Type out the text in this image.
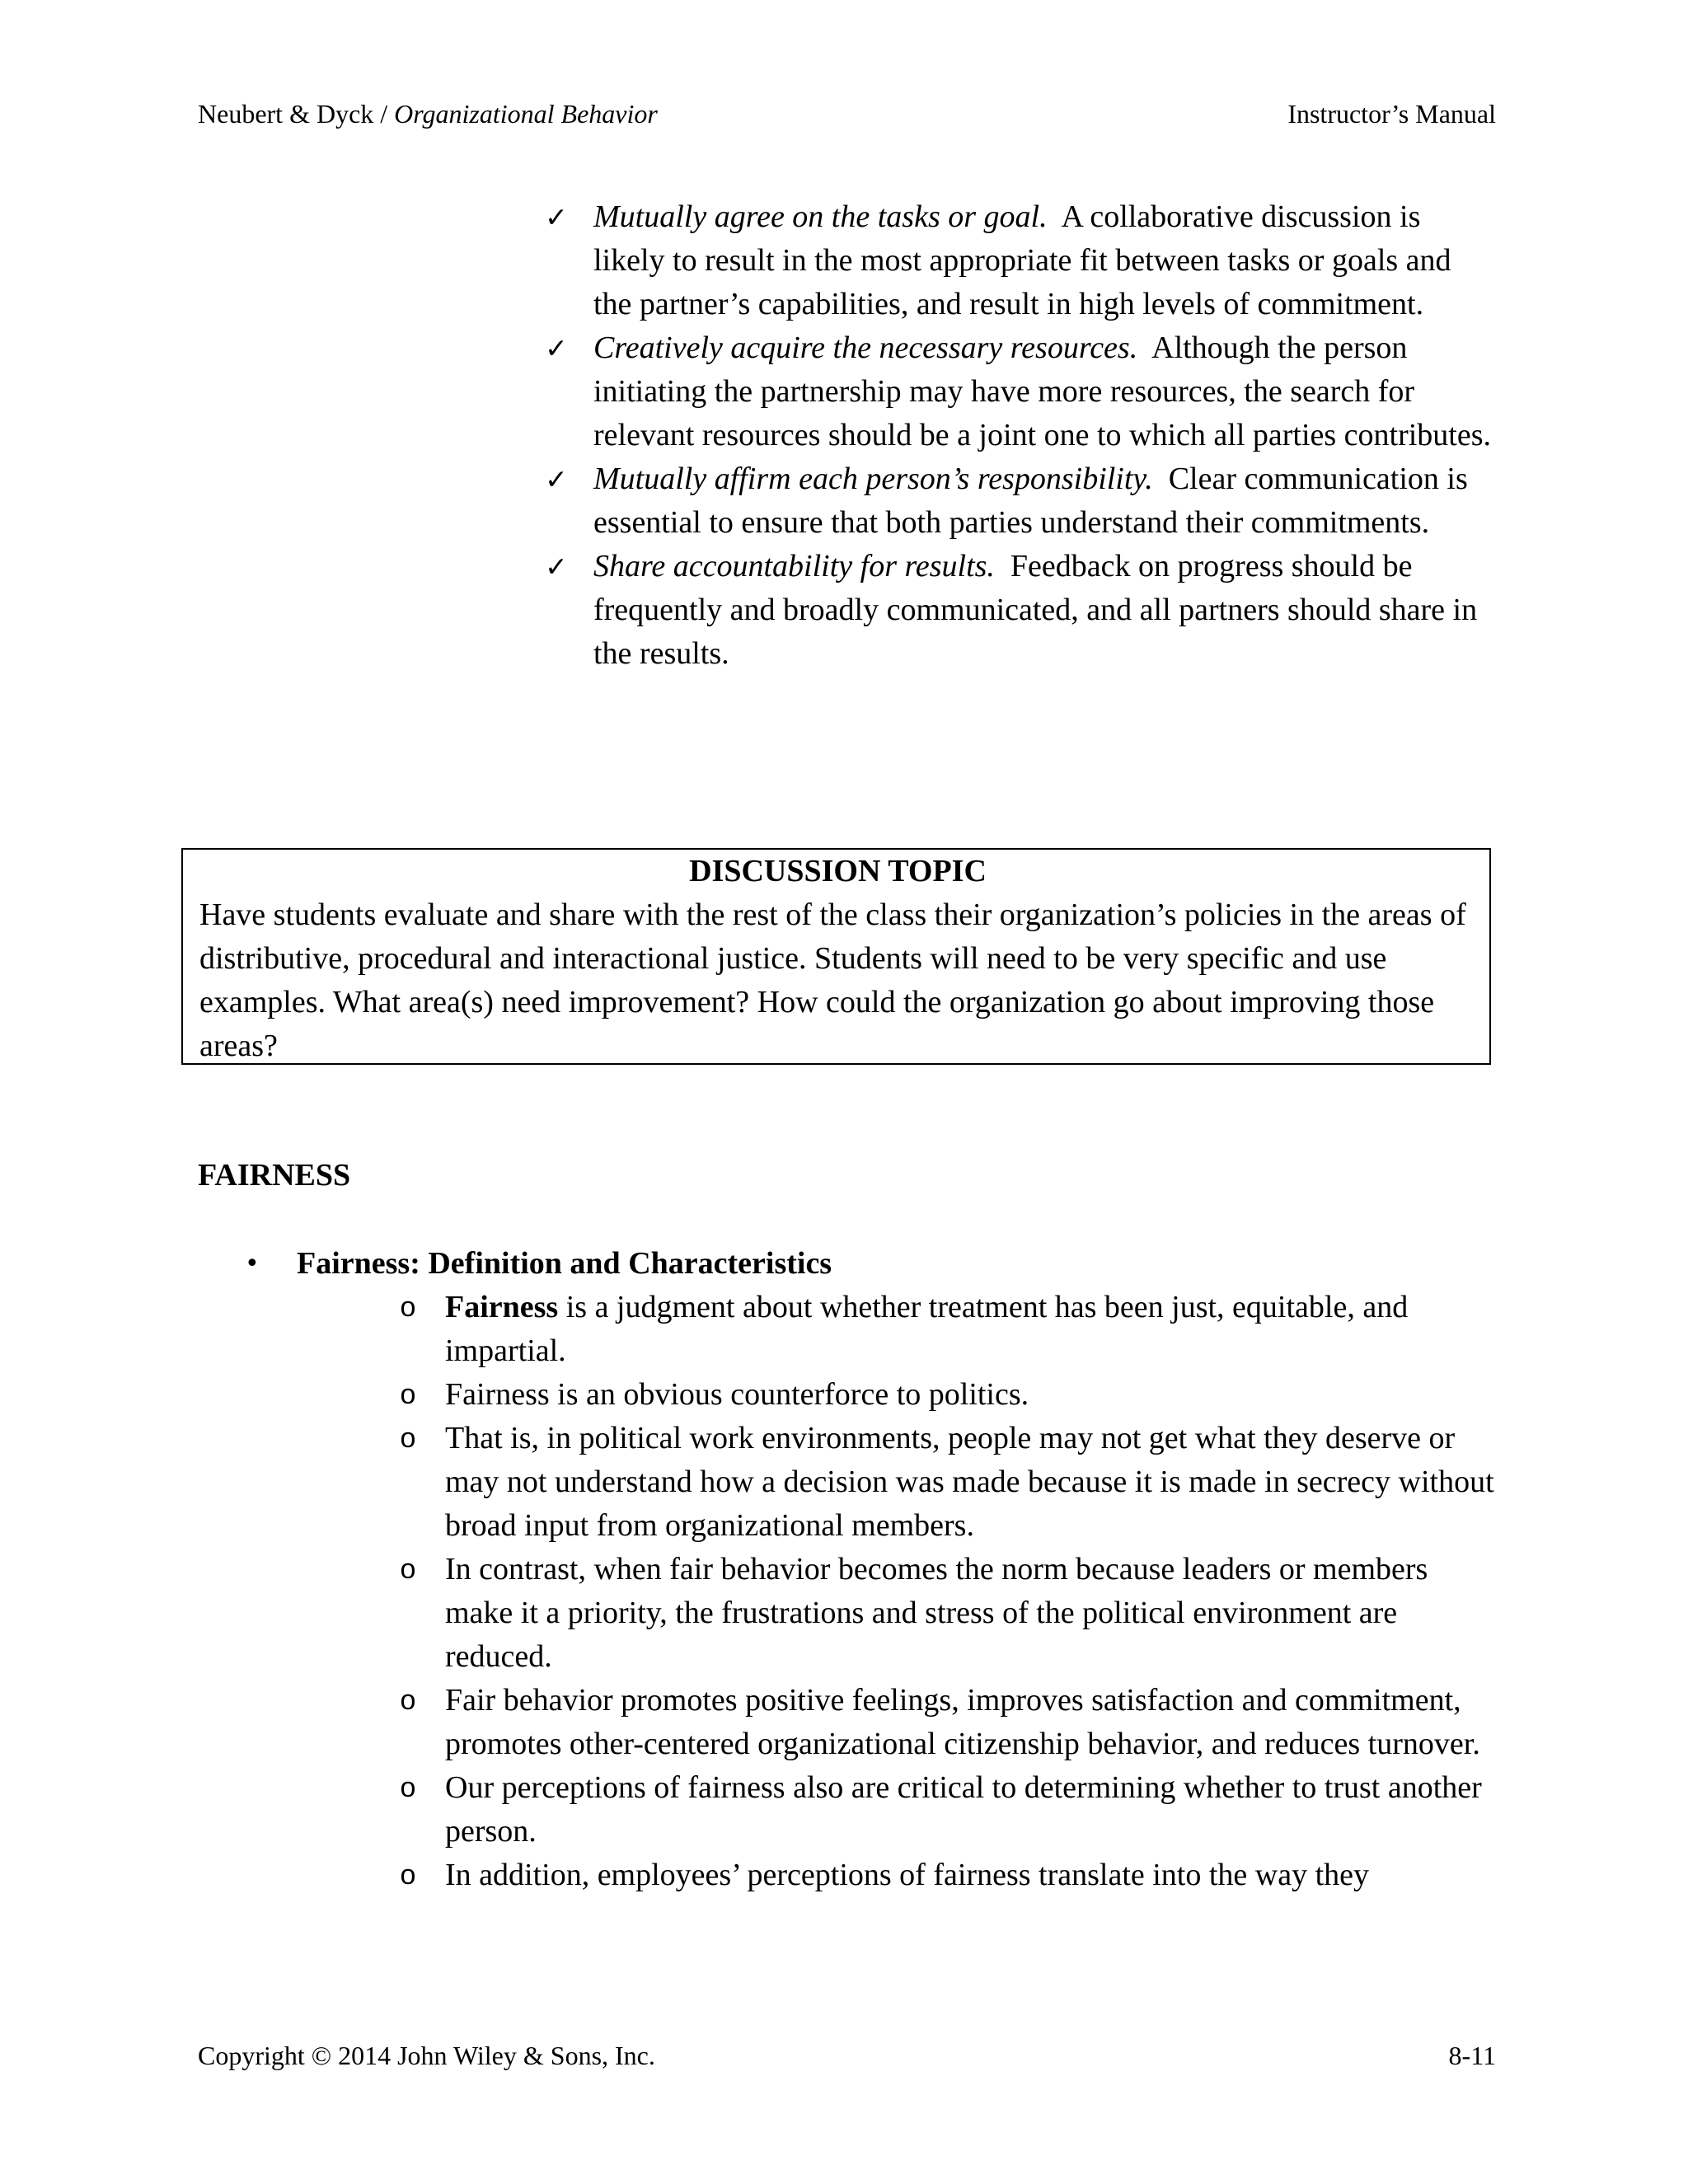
Neubert & Dyck / Organizational Behavior	Instructor’s Manual
✓ Mutually agree on the tasks or goal. A collaborative discussion is likely to result in the most appropriate fit between tasks or goals and the partner’s capabilities, and result in high levels of commitment.
✓ Creatively acquire the necessary resources. Although the person initiating the partnership may have more resources, the search for relevant resources should be a joint one to which all parties contributes.
✓ Mutually affirm each person’s responsibility. Clear communication is essential to ensure that both parties understand their commitments.
✓ Share accountability for results. Feedback on progress should be frequently and broadly communicated, and all partners should share in the results.
DISCUSSION TOPIC
Have students evaluate and share with the rest of the class their organization’s policies in the areas of distributive, procedural and interactional justice. Students will need to be very specific and use examples. What area(s) need improvement? How could the organization go about improving those areas?
FAIRNESS
• Fairness: Definition and Characteristics
o Fairness is a judgment about whether treatment has been just, equitable, and impartial.
o Fairness is an obvious counterforce to politics.
o That is, in political work environments, people may not get what they deserve or may not understand how a decision was made because it is made in secrecy without broad input from organizational members.
o In contrast, when fair behavior becomes the norm because leaders or members make it a priority, the frustrations and stress of the political environment are reduced.
o Fair behavior promotes positive feelings, improves satisfaction and commitment, promotes other-centered organizational citizenship behavior, and reduces turnover.
o Our perceptions of fairness also are critical to determining whether to trust another person.
o In addition, employees’ perceptions of fairness translate into the way they
Copyright © 2014 John Wiley & Sons, Inc.	8-11
